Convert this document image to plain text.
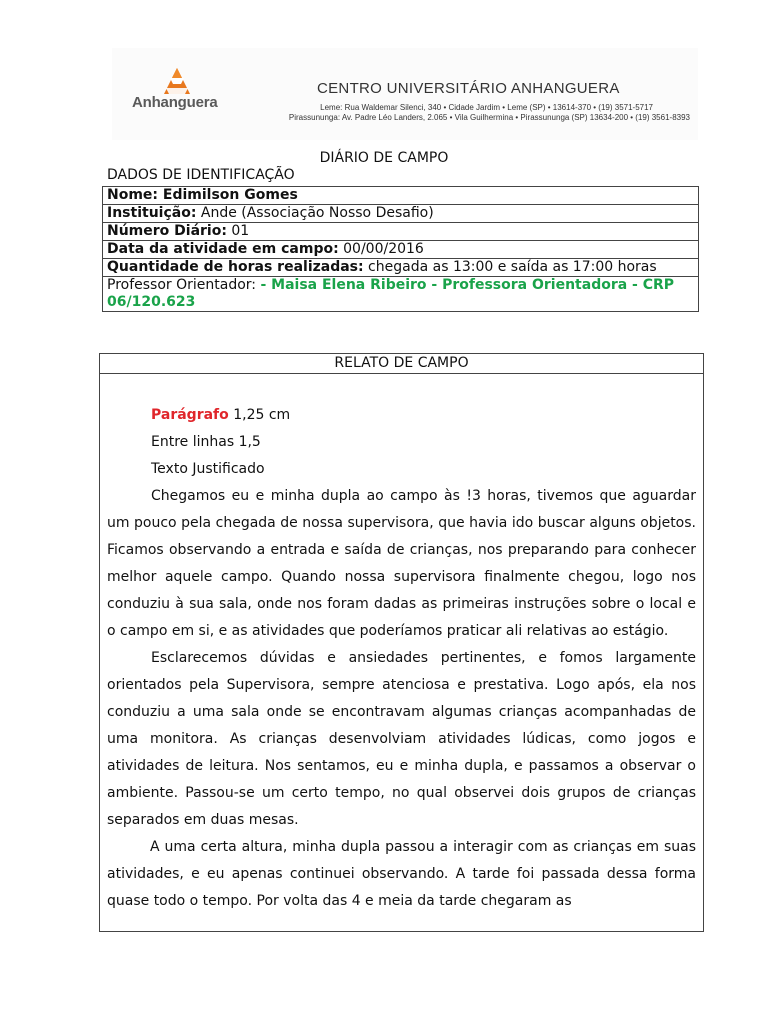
Anhanguera
CENTRO UNIVERSITÁRIO ANHANGUERA
Leme: Rua Waldemar Silenci, 340 • Cidade Jardim • Leme (SP) • 13614-370 • (19) 3571-5717
Pirassununga: Av. Padre Léo Landers, 2.065 • Vila Guilhermina • Pirassununga (SP) 13634-200 • (19) 3561-8393
DIÁRIO DE CAMPO
DADOS DE IDENTIFICAÇÃO
Nome: Edimilson Gomes
Instituição: Ande (Associação Nosso Desafio)
Número Diário: 01
Data da atividade em campo: 00/00/2016
Quantidade de horas realizadas: chegada as 13:00 e saída as 17:00 horas
Professor Orientador: - Maisa Elena Ribeiro - Professora Orientadora - CRP 06/120.623
RELATO DE CAMPO
Parágrafo 1,25 cm
Entre linhas 1,5
Texto Justificado

Chegamos eu e minha dupla ao campo às !3 horas, tivemos que aguardar um pouco pela chegada de nossa supervisora, que havia ido buscar alguns objetos. Ficamos observando a entrada e saída de crianças, nos preparando para conhecer melhor aquele campo. Quando nossa supervisora finalmente chegou, logo nos conduziu à sua sala, onde nos foram dadas as primeiras instruções sobre o local e o campo em si, e as atividades que poderíamos praticar ali relativas ao estágio.

Esclarecemos dúvidas e ansiedades pertinentes, e fomos largamente orientados pela Supervisora, sempre atenciosa e prestativa. Logo após, ela nos conduziu a uma sala onde se encontravam algumas crianças acompanhadas de uma monitora. As crianças desenvolviam atividades lúdicas, como jogos e atividades de leitura. Nos sentamos, eu e minha dupla, e passamos a observar o ambiente. Passou-se um certo tempo, no qual observei dois grupos de crianças separados em duas mesas.

A uma certa altura, minha dupla passou a interagir com as crianças em suas atividades, e eu apenas continuei observando. A tarde foi passada dessa forma quase todo o tempo. Por volta das 4 e meia da tarde chegaram as
